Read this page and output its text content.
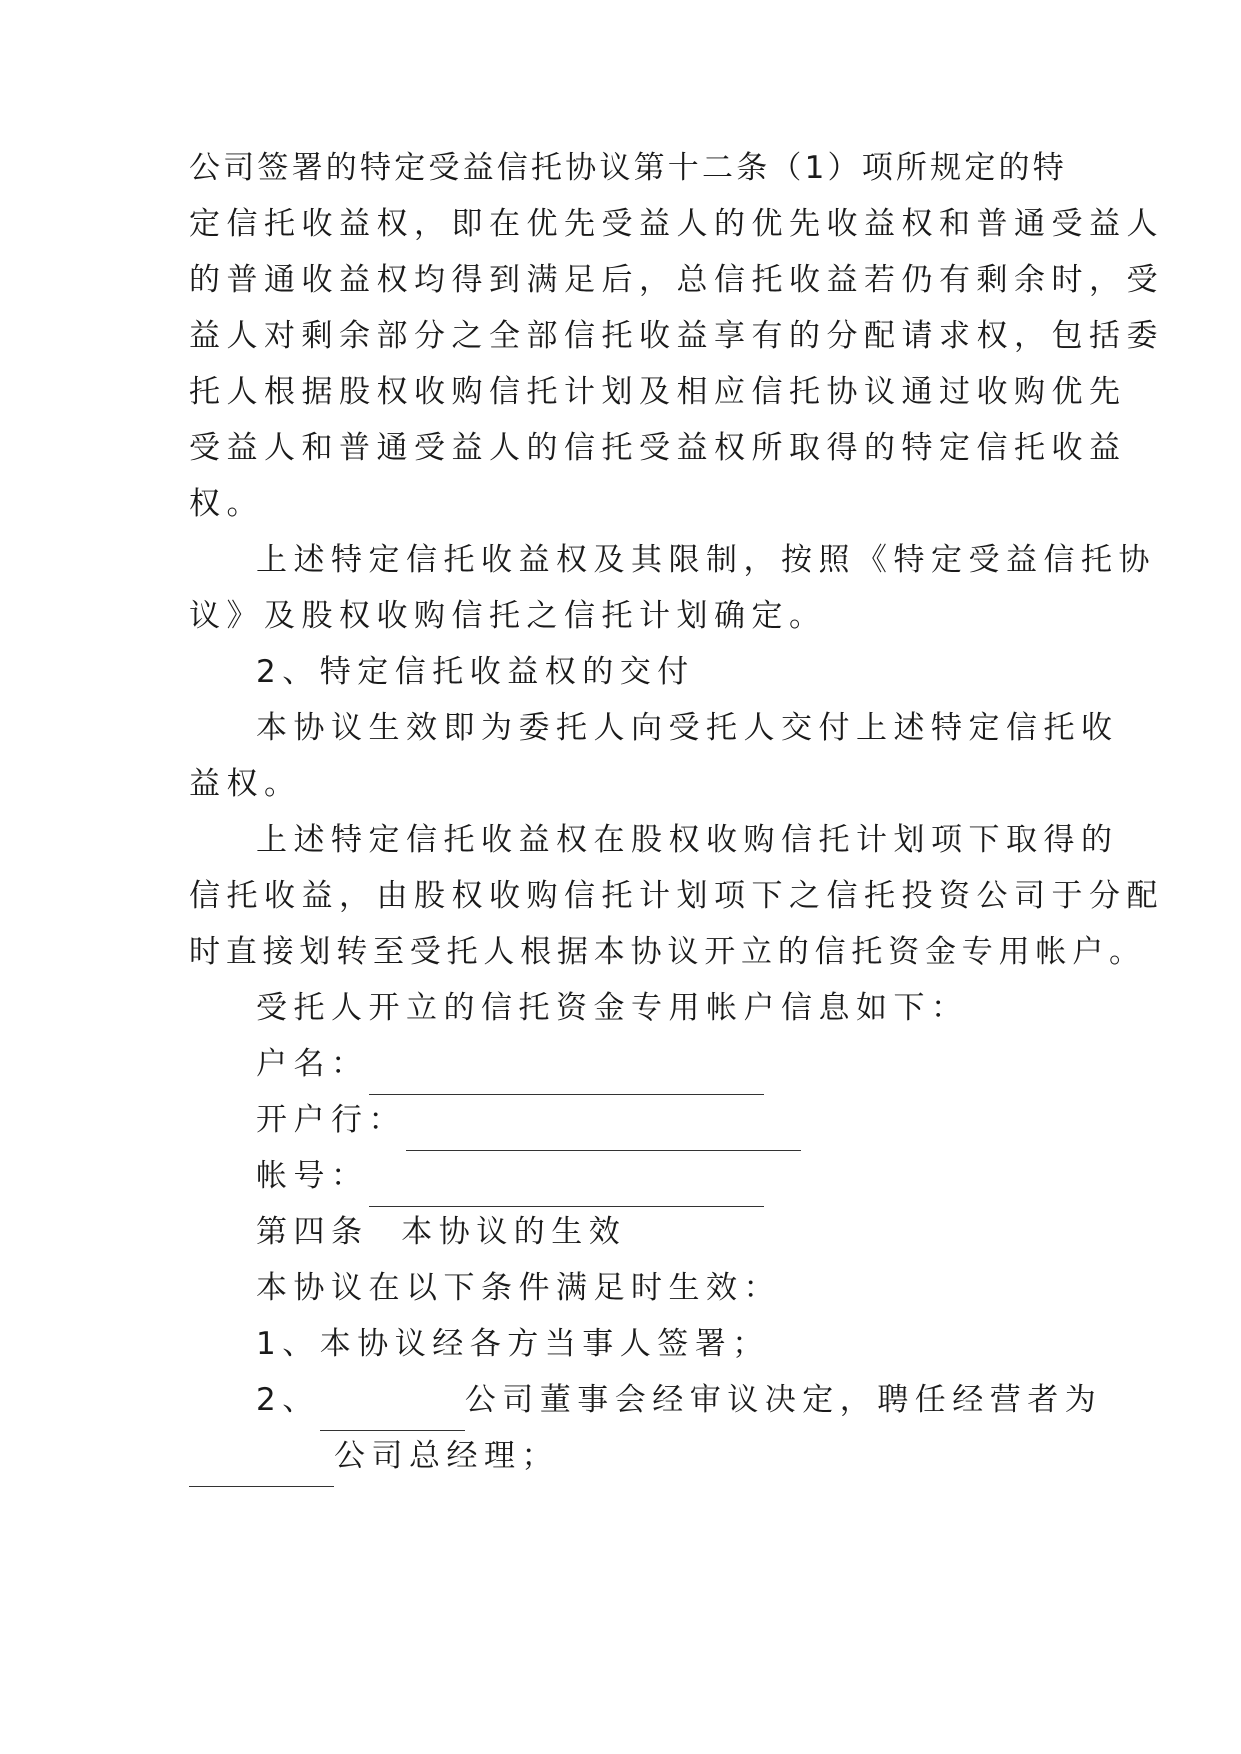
公司签署的特定受益信托协议第十二条（1）项所规定的特
定信托收益权，即在优先受益人的优先收益权和普通受益人
的普通收益权均得到满足后，总信托收益若仍有剩余时，受
益人对剩余部分之全部信托收益享有的分配请求权，包括委
托人根据股权收购信托计划及相应信托协议通过收购优先
受益人和普通受益人的信托受益权所取得的特定信托收益
权。
上述特定信托收益权及其限制，按照《特定受益信托协
议》及股权收购信托之信托计划确定。
2、特定信托收益权的交付
本协议生效即为委托人向受托人交付上述特定信托收
益权。
上述特定信托收益权在股权收购信托计划项下取得的
信托收益，由股权收购信托计划项下之信托投资公司于分配
时直接划转至受托人根据本协议开立的信托资金专用帐户。
受托人开立的信托资金专用帐户信息如下：
户名：
开户行：
帐号：
第四条  本协议的生效
本协议在以下条件满足时生效：
1、本协议经各方当事人签署；
2、	公司董事会经审议决定，聘任经营者为
公司总经理；
